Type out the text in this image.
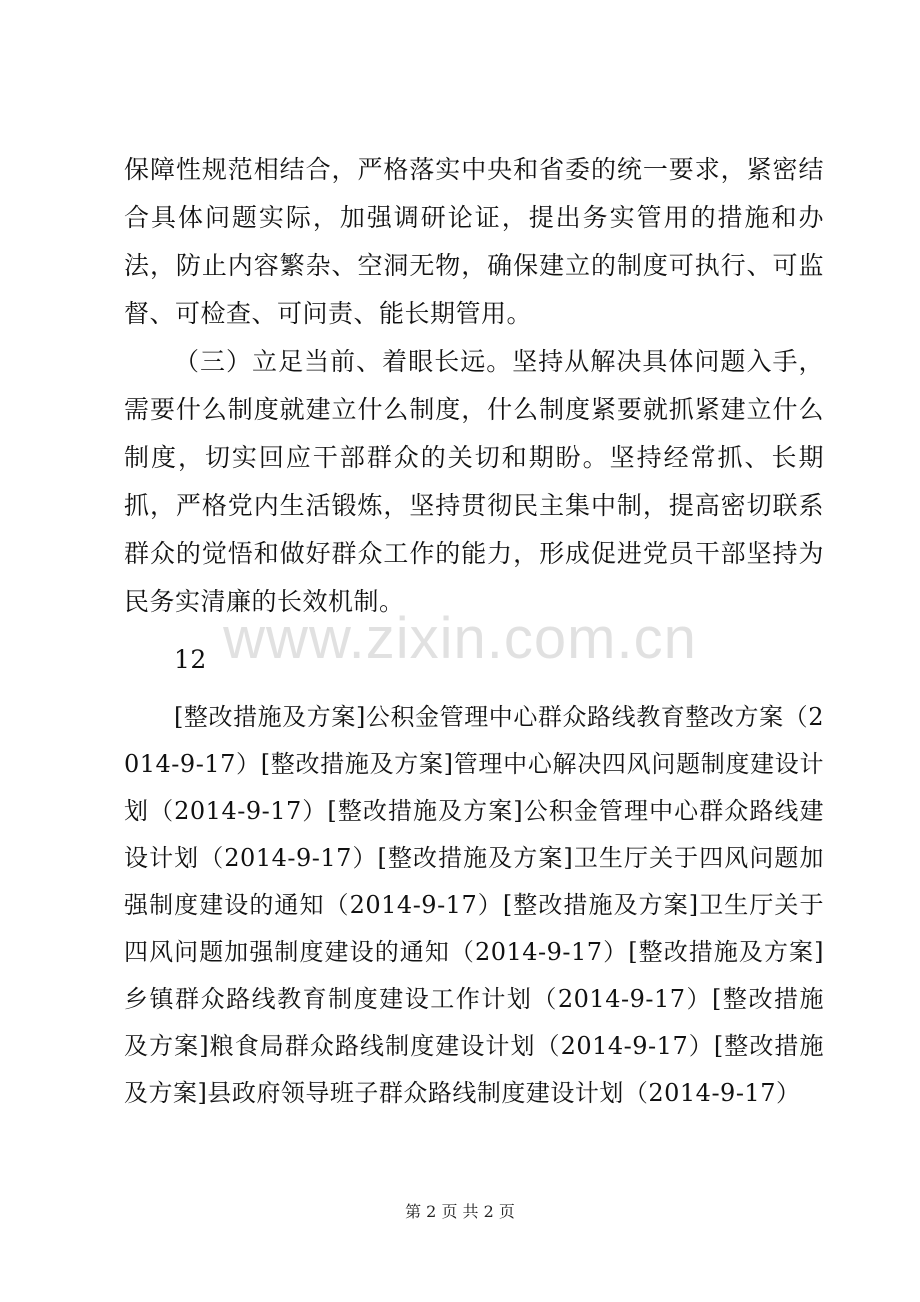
保障性规范相结合，严格落实中央和省委的统一要求，紧密结合具体问题实际，加强调研论证，提出务实管用的措施和办法，防止内容繁杂、空洞无物，确保建立的制度可执行、可监督、可检查、可问责、能长期管用。

（三）立足当前、着眼长远。坚持从解决具体问题入手，需要什么制度就建立什么制度，什么制度紧要就抓紧建立什么制度，切实回应干部群众的关切和期盼。坚持经常抓、长期抓，严格党内生活锻炼，坚持贯彻民主集中制，提高密切联系群众的觉悟和做好群众工作的能力，形成促进党员干部坚持为民务实清廉的长效机制。

12

[整改措施及方案]公积金管理中心群众路线教育整改方案（2014-9-17）[整改措施及方案]管理中心解决四风问题制度建设计划（2014-9-17）[整改措施及方案]公积金管理中心群众路线建设计划（2014-9-17）[整改措施及方案]卫生厅关于四风问题加强制度建设的通知（2014-9-17）[整改措施及方案]卫生厅关于四风问题加强制度建设的通知（2014-9-17）[整改措施及方案]乡镇群众路线教育制度建设工作计划（2014-9-17）[整改措施及方案]粮食局群众路线制度建设计划（2014-9-17）[整改措施及方案]县政府领导班子群众路线制度建设计划（2014-9-17）

www.zixin.com.cn
第 2 页 共 2 页
